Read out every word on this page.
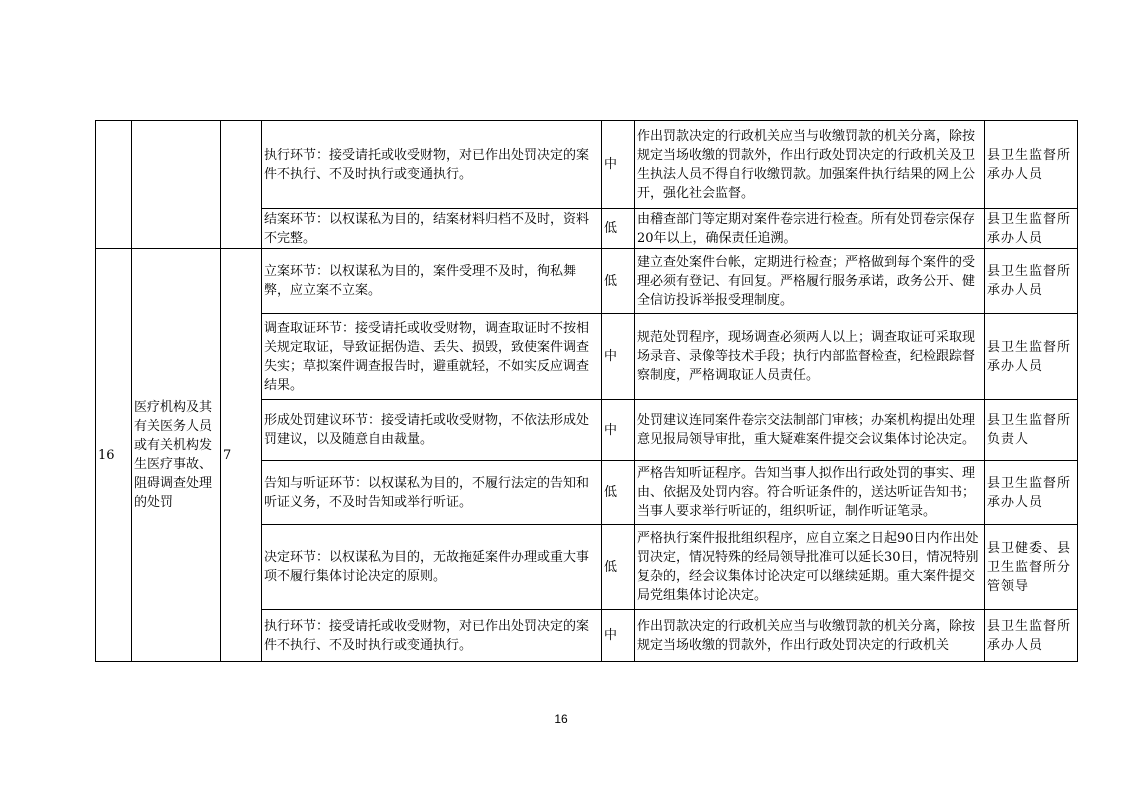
			执行环节：接受请托或收受财物，对已作出处罚决定的案件不执行、不及时执行或变通执行。	中	作出罚款决定的行政机关应当与收缴罚款的机关分离，除按规定当场收缴的罚款外，作出行政处罚决定的行政机关及卫生执法人员不得自行收缴罚款。加强案件执行结果的网上公开，强化社会监督。	县卫生监督所承办人员
			结案环节：以权谋私为目的，结案材料归档不及时，资料不完整。	低	由稽查部门等定期对案件卷宗进行检查。所有处罚卷宗保存20年以上，确保责任追溯。	县卫生监督所承办人员
16	医疗机构及其有关医务人员或有关机构发生医疗事故、阻碍调查处理的处罚	7	立案环节：以权谋私为目的，案件受理不及时，徇私舞弊，应立案不立案。	低	建立查处案件台帐，定期进行检查；严格做到每个案件的受理必须有登记、有回复。严格履行服务承诺，政务公开、健全信访投诉举报受理制度。	县卫生监督所承办人员
			调查取证环节：接受请托或收受财物，调查取证时不按相关规定取证，导致证据伪造、丢失、损毁，致使案件调查失实；草拟案件调查报告时，避重就轻，不如实反应调查结果。	中	规范处罚程序，现场调查必须两人以上；调查取证可采取现场录音、录像等技术手段；执行内部监督检查，纪检跟踪督察制度，严格调取证人员责任。	县卫生监督所承办人员
			形成处罚建议环节：接受请托或收受财物，不依法形成处罚建议，以及随意自由裁量。	中	处罚建议连同案件卷宗交法制部门审核；办案机构提出处理意见报局领导审批，重大疑难案件提交会议集体讨论决定。	县卫生监督所负责人
			告知与听证环节：以权谋私为目的，不履行法定的告知和听证义务，不及时告知或举行听证。	低	严格告知听证程序。告知当事人拟作出行政处罚的事实、理由、依据及处罚内容。符合听证条件的，送达听证告知书；当事人要求举行听证的，组织听证，制作听证笔录。	县卫生监督所承办人员
			决定环节：以权谋私为目的，无故拖延案件办理或重大事项不履行集体讨论决定的原则。	低	严格执行案件报批组织程序，应自立案之日起90日内作出处罚决定，情况特殊的经局领导批准可以延长30日，情况特别复杂的，经会议集体讨论决定可以继续延期。重大案件提交局党组集体讨论决定。	县卫健委、县卫生监督所分管领导
			执行环节：接受请托或收受财物，对已作出处罚决定的案件不执行、不及时执行或变通执行。	中	作出罚款决定的行政机关应当与收缴罚款的机关分离，除按规定当场收缴的罚款外，作出行政处罚决定的行政机关	县卫生监督所承办人员
16
